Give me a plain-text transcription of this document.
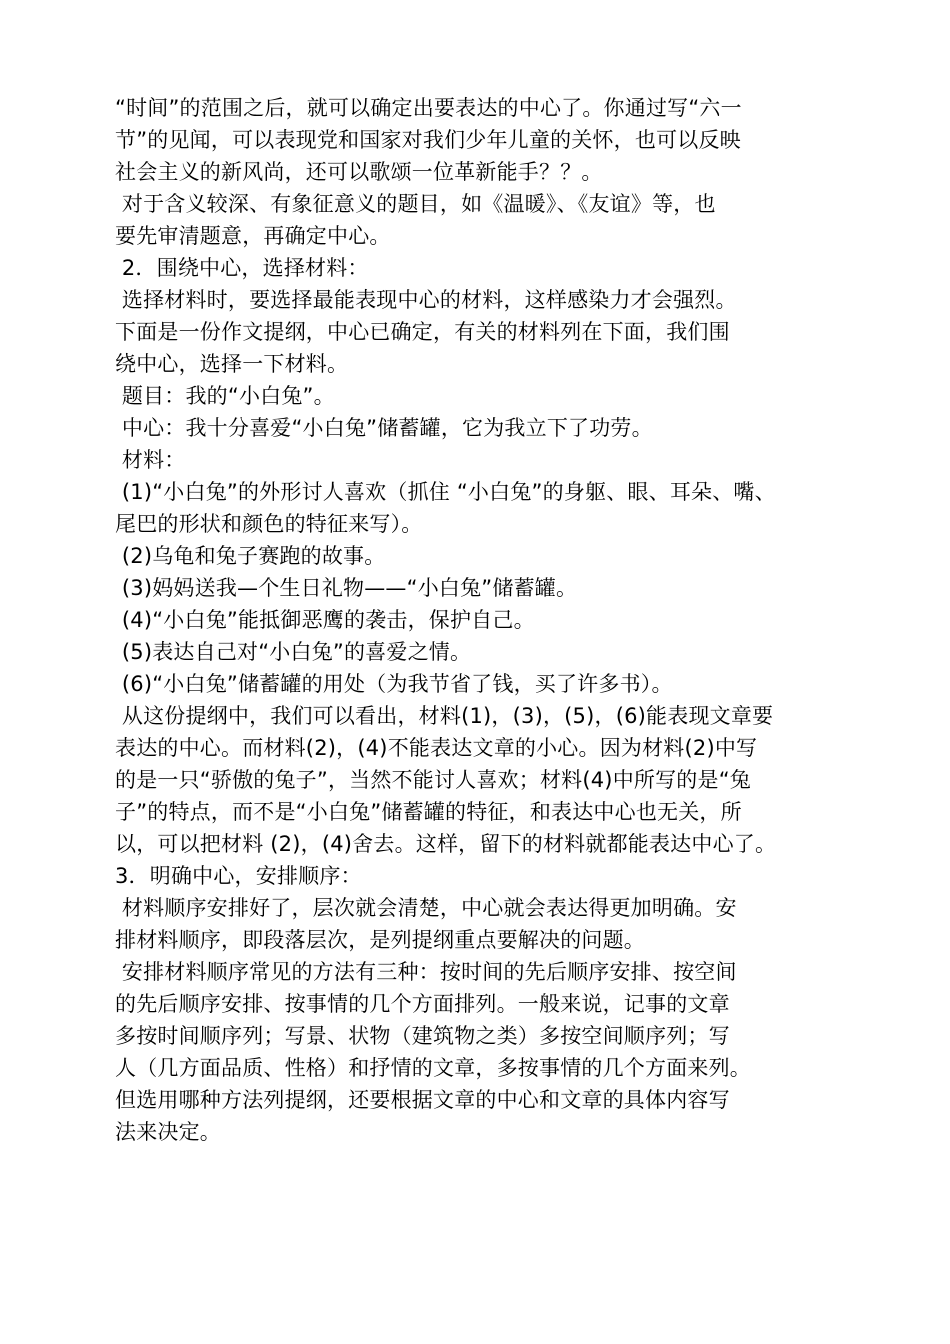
“时间”的范围之后，就可以确定出要表达的中心了。你通过写“六一
节”的见闻，可以表现党和国家对我们少年儿童的关怀，也可以反映
社会主义的新风尚，还可以歌颂一位革新能手？？。
对于含义较深、有象征意义的题目，如《温暖》、《友谊》等，也
要先审清题意，再确定中心。
2．围绕中心，选择材料：
选择材料时，要选择最能表现中心的材料，这样感染力才会强烈。
下面是一份作文提纲，中心已确定，有关的材料列在下面，我们围
绕中心，选择一下材料。
题目：我的“小白兔”。
中心：我十分喜爱“小白兔”储蓄罐，它为我立下了功劳。
材料：
(1)“小白兔”的外形讨人喜欢（抓住 “小白兔”的身躯、眼、耳朵、嘴、
尾巴的形状和颜色的特征来写）。
(2)乌龟和兔子赛跑的故事。
(3)妈妈送我—个生日礼物——“小白兔”储蓄罐。
(4)“小白兔”能抵御恶鹰的袭击，保护自己。
(5)表达自己对“小白兔”的喜爱之情。
(6)“小白兔”储蓄罐的用处（为我节省了钱，买了许多书）。
从这份提纲中，我们可以看出，材料(1)，(3)，(5)，(6)能表现文章要
表达的中心。而材料(2)，(4)不能表达文章的小心。因为材料(2)中写
的是一只“骄傲的兔子”，当然不能讨人喜欢；材料(4)中所写的是“兔
子”的特点，而不是“小白兔”储蓄罐的特征，和表达中心也无关，所
以，可以把材料 (2)，(4)舍去。这样，留下的材料就都能表达中心了。
3．明确中心，安排顺序：
材料顺序安排好了，层次就会清楚，中心就会表达得更加明确。安
排材料顺序，即段落层次，是列提纲重点要解决的问题。
安排材料顺序常见的方法有三种：按时间的先后顺序安排、按空间
的先后顺序安排、按事情的几个方面排列。一般来说，记事的文章
多按时间顺序列；写景、状物（建筑物之类）多按空间顺序列；写
人（几方面品质、性格）和抒情的文章，多按事情的几个方面来列。
但选用哪种方法列提纲，还要根据文章的中心和文章的具体内容写
法来决定。
